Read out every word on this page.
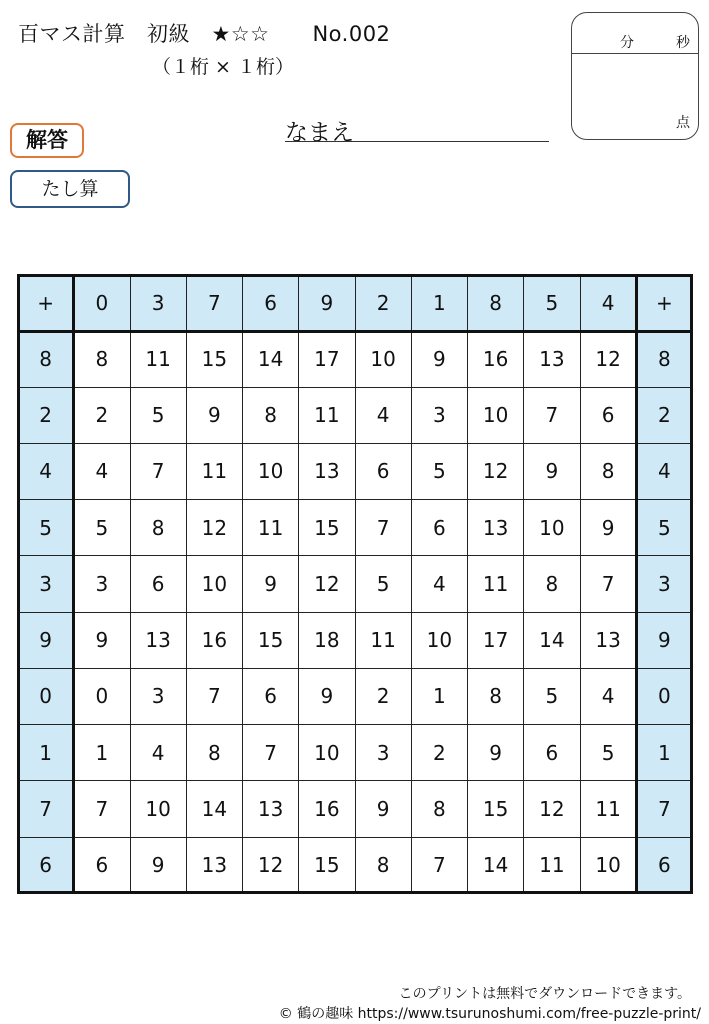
百マス計算　初級　★☆☆　　No.002
（１桁 × １桁）
分	秒
点
なまえ
解答
たし算
+	0	3	7	6	9	2	1	8	5	4	+
8	8	11	15	14	17	10	9	16	13	12	8
2	2	5	9	8	11	4	3	10	7	6	2
4	4	7	11	10	13	6	5	12	9	8	4
5	5	8	12	11	15	7	6	13	10	9	5
3	3	6	10	9	12	5	4	11	8	7	3
9	9	13	16	15	18	11	10	17	14	13	9
0	0	3	7	6	9	2	1	8	5	4	0
1	1	4	8	7	10	3	2	9	6	5	1
7	7	10	14	13	16	9	8	15	12	11	7
6	6	9	13	12	15	8	7	14	11	10	6
このプリントは無料でダウンロードできます。
© 鶴の趣味 https://www.tsurunoshumi.com/free-puzzle-print/
